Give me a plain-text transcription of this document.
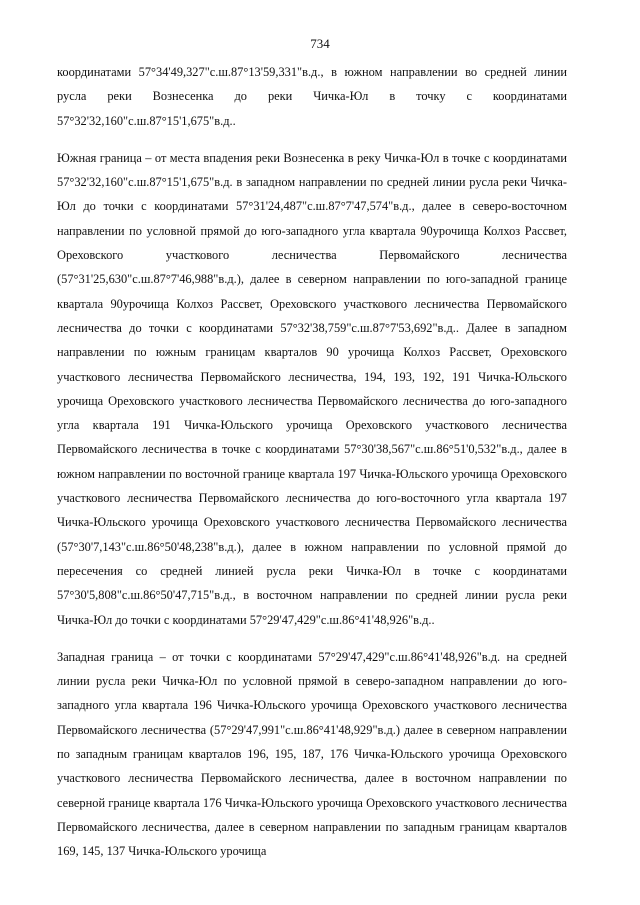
734

координатами 57°34'49,327"с.ш.87°13'59,331"в.д., в южном направлении во средней линии русла реки Вознесенка до реки Чичка-Юл в точку с координатами 57°32'32,160"с.ш.87°15'1,675"в.д..

Южная граница – от места впадения реки Вознесенка в реку Чичка-Юл в точке с координатами 57°32'32,160"с.ш.87°15'1,675"в.д. в западном направлении по средней линии русла реки Чичка-Юл до точки с координатами 57°31'24,487"с.ш.87°7'47,574"в.д., далее в северо-восточном направлении по условной прямой до юго-западного угла квартала 90урочища Колхоз Рассвет, Ореховского участкового лесничества Первомайского лесничества (57°31'25,630"с.ш.87°7'46,988"в.д.), далее в северном направлении по юго-западной границе квартала 90урочища Колхоз Рассвет, Ореховского участкового лесничества Первомайского лесничества до точки с координатами 57°32'38,759"с.ш.87°7'53,692"в.д.. Далее в западном направлении по южным границам кварталов 90 урочища Колхоз Рассвет, Ореховского участкового лесничества Первомайского лесничества, 194, 193, 192, 191 Чичка-Юльского урочища Ореховского участкового лесничества Первомайского лесничества до юго-западного угла квартала 191 Чичка-Юльского урочища Ореховского участкового лесничества Первомайского лесничества в точке с координатами 57°30'38,567"с.ш.86°51'0,532"в.д., далее в южном направлении по восточной границе квартала 197 Чичка-Юльского урочища Ореховского участкового лесничества Первомайского лесничества до юго-восточного угла квартала 197 Чичка-Юльского урочища Ореховского участкового лесничества Первомайского лесничества (57°30'7,143"с.ш.86°50'48,238"в.д.), далее в южном направлении по условной прямой до пересечения со средней линией русла реки Чичка-Юл в точке с координатами 57°30'5,808"с.ш.86°50'47,715"в.д., в восточном направлении по средней линии русла реки Чичка-Юл до точки с координатами 57°29'47,429"с.ш.86°41'48,926"в.д..

Западная граница – от точки с координатами 57°29'47,429"с.ш.86°41'48,926"в.д. на средней линии русла реки Чичка-Юл по условной прямой в северо-западном направлении до юго-западного угла квартала 196 Чичка-Юльского урочища Ореховского участкового лесничества Первомайского лесничества (57°29'47,991"с.ш.86°41'48,929"в.д.) далее в северном направлении по западным границам кварталов 196, 195, 187, 176 Чичка-Юльского урочища Ореховского участкового лесничества Первомайского лесничества, далее в восточном направлении по северной границе квартала 176 Чичка-Юльского урочища Ореховского участкового лесничества Первомайского лесничества, далее в северном направлении по западным границам кварталов 169, 145, 137 Чичка-Юльского урочища
